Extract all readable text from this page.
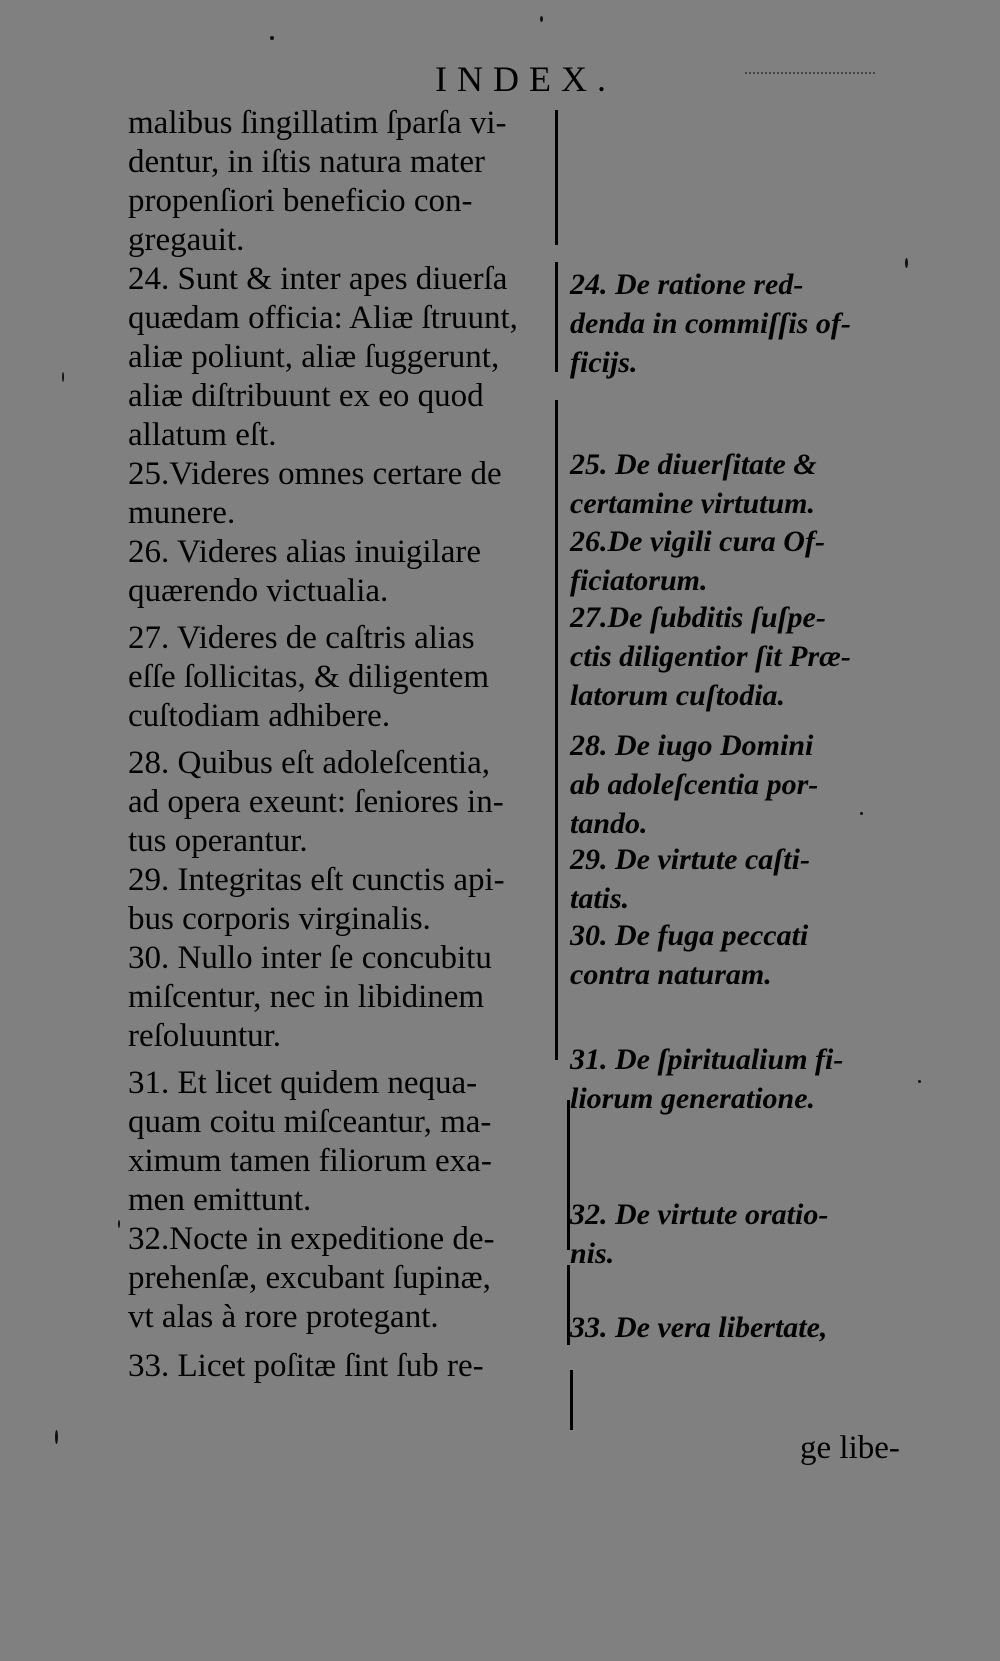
INDEX.

malibus ſingillatim ſparſa vi-

dentur, in iſtis natura mater

propenſiori beneficio con-

gregauit.

24. Sunt & inter apes diuerſa

quædam officia: Aliæ ſtruunt,

aliæ poliunt, aliæ ſuggerunt,

aliæ diſtribuunt ex eo quod

allatum eſt.

25.Videres omnes certare de

munere.

26. Videres alias inuigilare

quærendo victualia.

27. Videres de caſtris alias

eſſe ſollicitas, & diligentem

cuſtodiam adhibere.

28. Quibus eſt adoleſcentia,

ad opera exeunt: ſeniores in-

tus operantur.

29. Integritas eſt cunctis api-

bus corporis virginalis.

30. Nullo inter ſe concubitu

miſcentur, nec in libidinem

reſoluuntur.

31. Et licet quidem nequa-

quam coitu miſceantur, ma-

ximum tamen filiorum exa-

men emittunt.

32.Nocte in expeditione de-

prehenſæ, excubant ſupinæ,

vt alas à rore protegant.

33. Licet poſitæ ſint ſub re-

24. De ratione red-
denda in commiſſis of-
ficijs.
25. De diuerſitate &
certamine virtutum.
26.De vigili cura Of-
ficiatorum.
27.De ſubditis ſuſpe-
ctis diligentior ſit Præ-
latorum cuſtodia.
28. De iugo Domini
ab adoleſcentia por-
tando.
29. De virtute caſti-
tatis.
30. De fuga peccati
contra naturam.
31. De ſpiritualium fi-
liorum generatione.
32. De virtute oratio-
nis.
33. De vera libertate,
ge libe-
